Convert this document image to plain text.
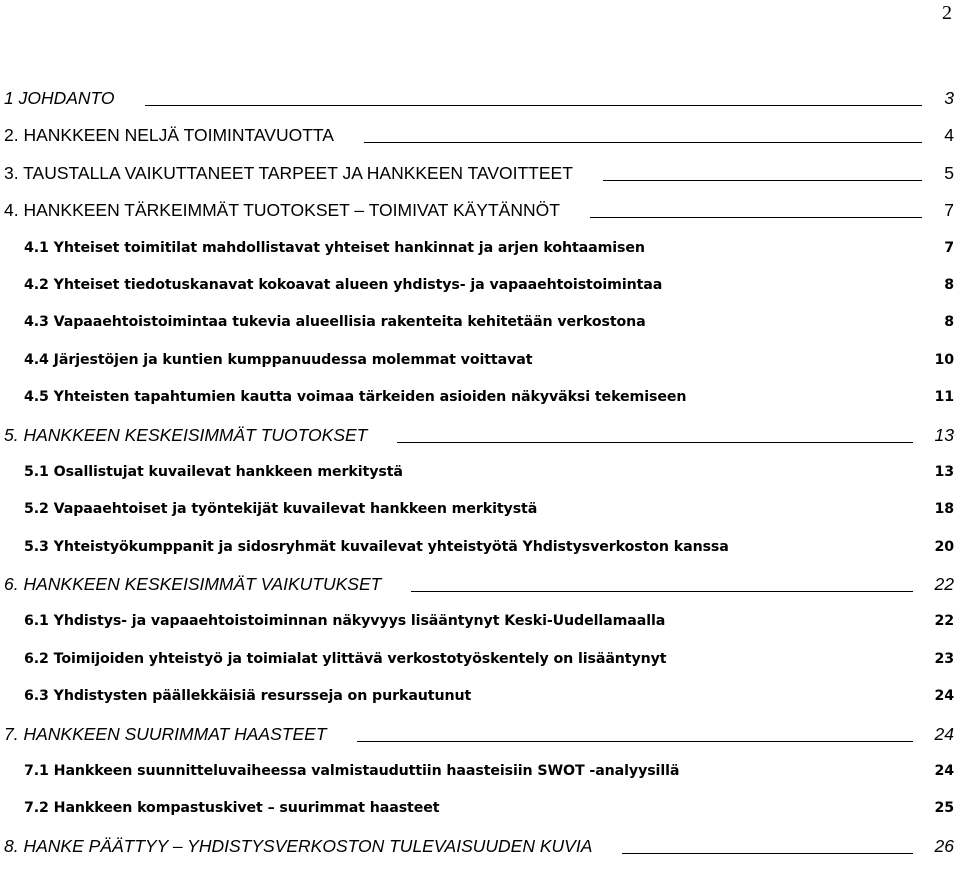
2
1 JOHDANTO	3
2. HANKKEEN NELJÄ TOIMINTAVUOTTA	4
3. TAUSTALLA VAIKUTTANEET TARPEET JA HANKKEEN TAVOITTEET	5
4. HANKKEEN TÄRKEIMMÄT TUOTOKSET – TOIMIVAT KÄYTÄNNÖT	7
4.1 Yhteiset toimitilat mahdollistavat yhteiset hankinnat ja arjen kohtaamisen	7
4.2 Yhteiset tiedotuskanavat kokoavat alueen yhdistys- ja vapaaehtoistoimintaa	8
4.3 Vapaaehtoistoimintaa tukevia alueellisia rakenteita kehitetään verkostona	8
4.4 Järjestöjen ja kuntien kumppanuudessa molemmat voittavat	10
4.5 Yhteisten tapahtumien kautta voimaa tärkeiden asioiden näkyväksi tekemiseen	11
5. HANKKEEN KESKEISIMMÄT TUOTOKSET	13
5.1 Osallistujat kuvailevat hankkeen merkitystä	13
5.2 Vapaaehtoiset ja työntekijät kuvailevat hankkeen merkitystä	18
5.3 Yhteistyökumppanit ja sidosryhmät kuvailevat yhteistyötä Yhdistysverkoston kanssa	20
6. HANKKEEN KESKEISIMMÄT VAIKUTUKSET	22
6.1 Yhdistys- ja vapaaehtoistoiminnan näkyvyys lisääntynyt Keski-Uudellamaalla	22
6.2 Toimijoiden yhteistyö ja toimialat ylittävä verkostotyöskentely on lisääntynyt	23
6.3 Yhdistysten päällekkäisiä resursseja on purkautunut	24
7. HANKKEEN SUURIMMAT HAASTEET	24
7.1 Hankkeen suunnitteluvaiheessa valmistauduttiin haasteisiin SWOT -analyysillä	24
7.2 Hankkeen kompastuskivet – suurimmat haasteet	25
8. HANKE PÄÄTTYY – YHDISTYSVERKOSTON TULEVAISUUDEN KUVIA	26
